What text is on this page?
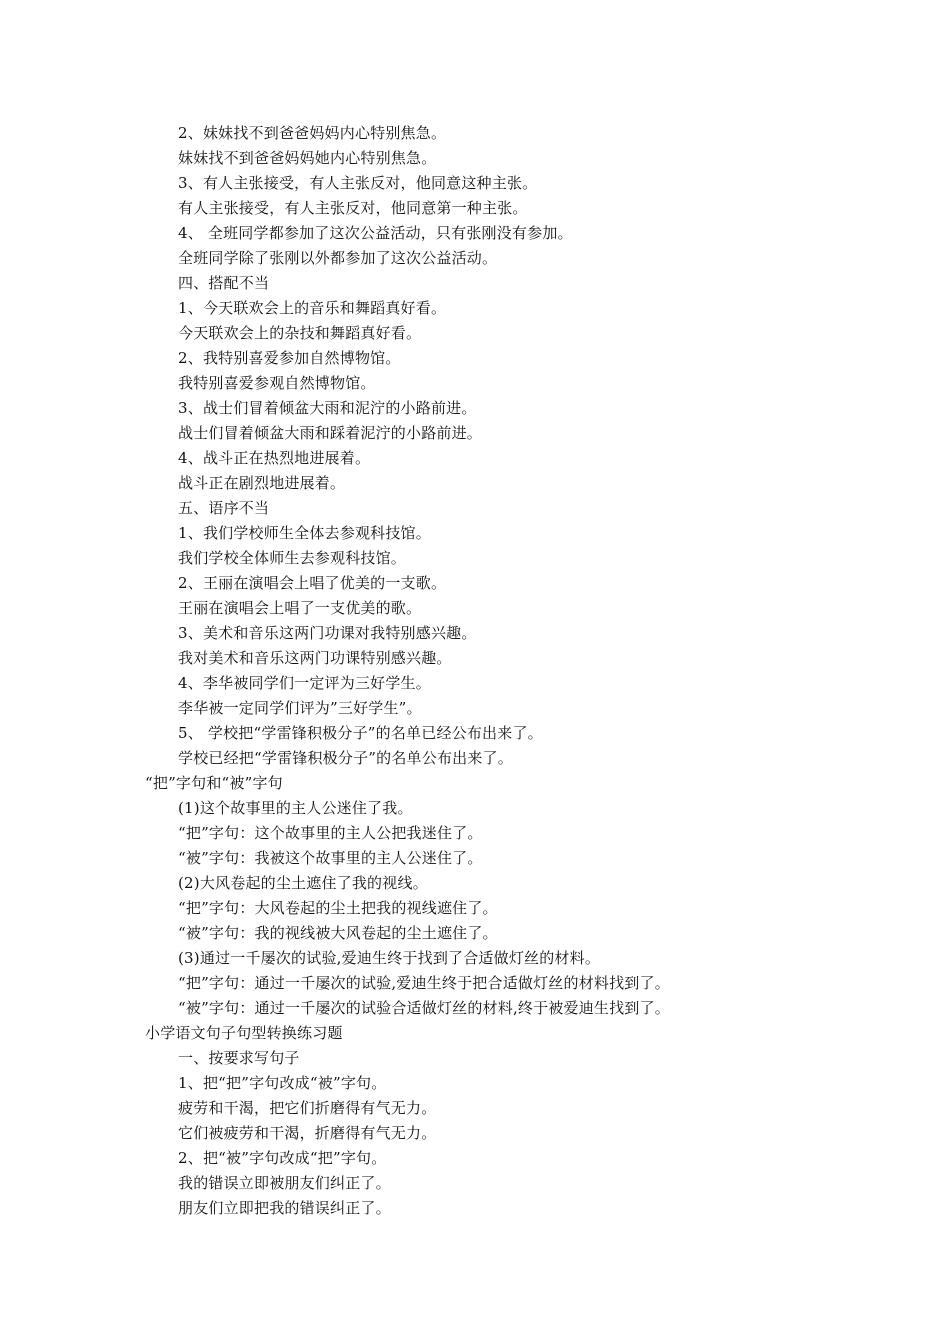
2、妹妹找不到爸爸妈妈内心特别焦急。
妹妹找不到爸爸妈妈她内心特别焦急。
3、有人主张接受，有人主张反对，他同意这种主张。
有人主张接受，有人主张反对，他同意第一种主张。
4、 全班同学都参加了这次公益活动，只有张刚没有参加。
全班同学除了张刚以外都参加了这次公益活动。
四、搭配不当
1、今天联欢会上的音乐和舞蹈真好看。
今天联欢会上的杂技和舞蹈真好看。
2、我特别喜爱参加自然博物馆。
我特别喜爱参观自然博物馆。
3、战士们冒着倾盆大雨和泥泞的小路前进。
战士们冒着倾盆大雨和踩着泥泞的小路前进。
4、战斗正在热烈地进展着。
战斗正在剧烈地进展着。
五、语序不当
1、我们学校师生全体去参观科技馆。
我们学校全体师生去参观科技馆。
2、王丽在演唱会上唱了优美的一支歌。
王丽在演唱会上唱了一支优美的歌。
3、美术和音乐这两门功课对我特别感兴趣。
我对美术和音乐这两门功课特别感兴趣。
4、李华被同学们一定评为三好学生。
李华被一定同学们评为”三好学生”。
5、 学校把“学雷锋积极分子”的名单已经公布出来了。
学校已经把“学雷锋积极分子”的名单公布出来了。
“把”字句和“被”字句
(1)这个故事里的主人公迷住了我。
“把”字句：这个故事里的主人公把我迷住了。
“被”字句：我被这个故事里的主人公迷住了。
(2)大风卷起的尘土遮住了我的视线。
“把”字句：大风卷起的尘土把我的视线遮住了。
“被”字句：我的视线被大风卷起的尘土遮住了。
(3)通过一千屡次的试验,爱迪生终于找到了合适做灯丝的材料。
“把”字句：通过一千屡次的试验,爱迪生终于把合适做灯丝的材料找到了。
“被”字句：通过一千屡次的试验合适做灯丝的材料,终于被爱迪生找到了。
小学语文句子句型转换练习题
一、按要求写句子
1、把“把”字句改成“被”字句。
疲劳和干渴，把它们折磨得有气无力。
它们被疲劳和干渴，折磨得有气无力。
2、把“被”字句改成“把”字句。
我的错误立即被朋友们纠正了。
朋友们立即把我的错误纠正了。
